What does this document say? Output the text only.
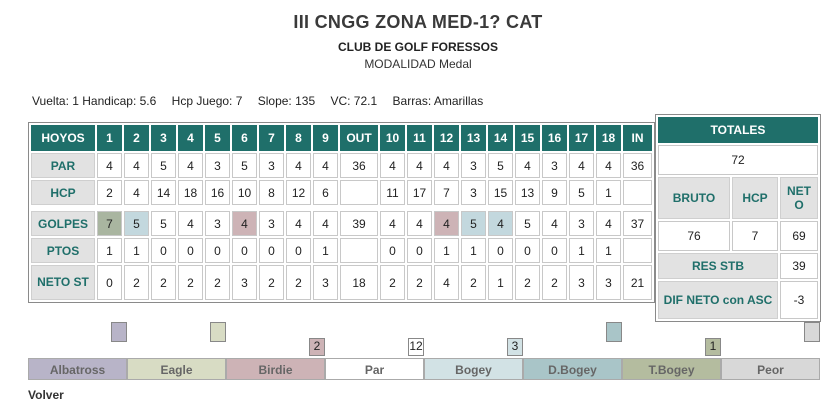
III CNGG ZONA MED-1? CAT
CLUB DE GOLF FORESSOS
MODALIDAD Medal
Vuelta: 1 Handicap: 5.6 Hcp Juego: 7 Slope: 135 VC: 72.1 Barras: Amarillas
HOYOS	1	2	3	4	5	6	7	8	9	OUT	10	11	12	13	14	15	16	17	18	IN
PAR	4	4	5	4	3	5	3	4	4	36	4	4	4	3	5	4	3	4	4	36
HCP	2	4	14	18	16	10	8	12	6		11	17	7	3	15	13	9	5	1	

GOLPES	7	5	5	4	3	4	3	4	4	39	4	4	4	5	4	5	4	3	4	37
PTOS	1	1	0	0	0	0	0	0	1		0	0	1	1	0	0	0	1	1	
NETO ST	0	2	2	2	2	3	2	2	3	18	2	2	4	2	1	2	2	3	3	21
TOTALES		
72		
BRUTO	HCP	NET O
76	7	69
RES STB		39
DIF NETO con ASC		-3
2	12	3	1
Albatross	Eagle	Birdie	Par	Bogey	D.Bogey	T.Bogey	Peor
Volver
